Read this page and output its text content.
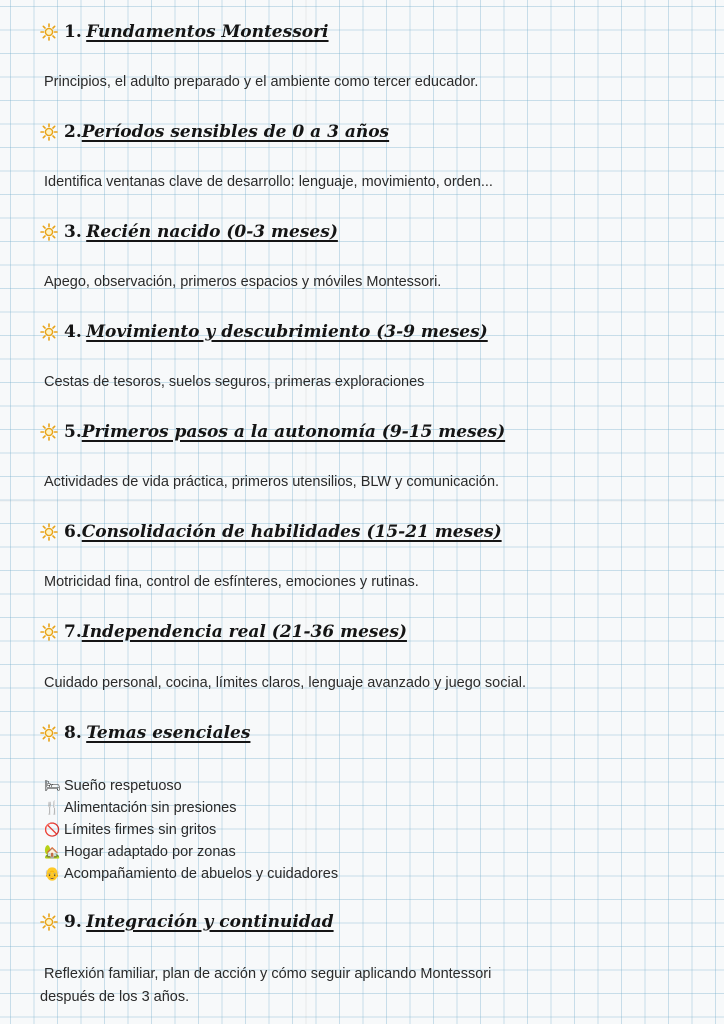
1.
Fundamentos Montessori
Principios, el adulto preparado y el ambiente como tercer educador.
2. Períodos sensibles de 0 a 3 años
Identifica ventanas clave de desarrollo: lenguaje, movimiento, orden...
3.
Recién nacido (0-3 meses)
Apego, observación, primeros espacios y móviles Montessori.
4.
Movimiento y descubrimiento (3-9 meses)
Cestas de tesoros, suelos seguros, primeras exploraciones
5. Primeros pasos a la autonomía (9-15 meses)
Actividades de vida práctica, primeros utensilios, BLW y comunicación.
6. Consolidación de habilidades (15-21 meses)
Motricidad fina, control de esfínteres, emociones y rutinas.
7. Independencia real (21-36 meses)
Cuidado personal, cocina, límites claros, lenguaje avanzado y juego social.
8.
Temas esenciales
🛏 Sueño respetuoso
🍴 Alimentación sin presiones
🚫 Límites firmes sin gritos
🏡 Hogar adaptado por zonas
👴 Acompañamiento de abuelos y cuidadores
9.
Integración y continuidad
Reflexión familiar, plan de acción y cómo seguir aplicando Montessori
después de los 3 años.
